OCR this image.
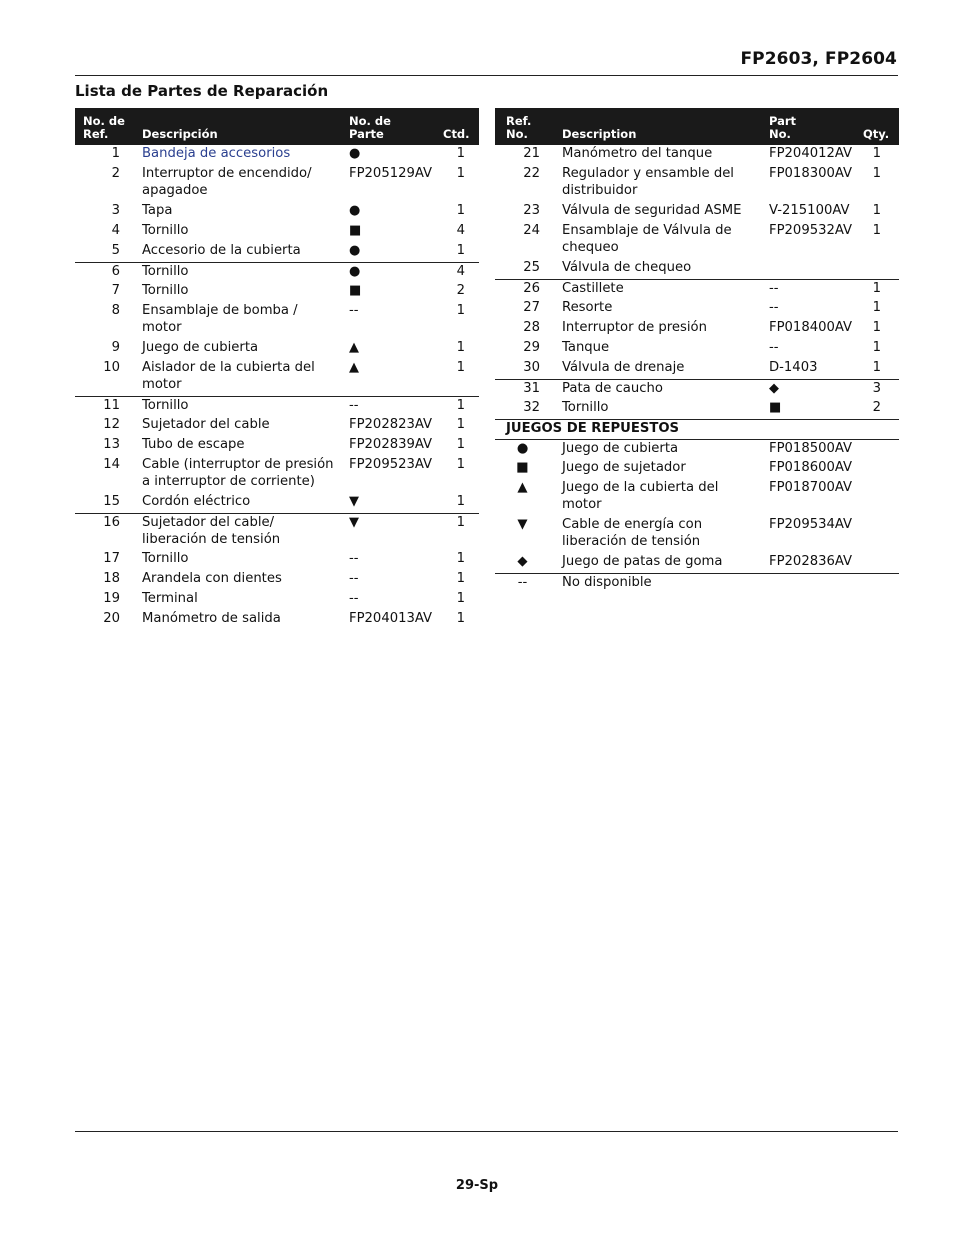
FP2603, FP2604
Lista de Partes de Reparación
No. de
Ref.	Descripción
No. de
Parte	Ctd.
1 Bandeja de accesorios	●	1
2 Interruptor de encendido/
apagadoe
FP205129AV	1
3 Tapa	●	1
4 Tornillo	■	4
5 Accesorio de la cubierta	●	1
6 Tornillo	●	4
7 Tornillo	■	2
8 Ensamblaje de bomba /
motor
--	1
9 Juego de cubierta	▲	1
10 Aislador de la cubierta del
motor
▲	1
11 Tornillo	--	1
12 Sujetador del cable	FP202823AV	1
13 Tubo de escape	FP202839AV	1
14 Cable (interruptor de presión
a interruptor de corriente)
FP209523AV	1
15 Cordón eléctrico	▼	1
16 Sujetador del cable/
liberación de tensión
▼	1
17 Tornillo	--	1
18 Arandela con dientes	--	1
19 Terminal	--	1
20 Manómetro de salida	FP204013AV	1
Ref.
No.	Description
Part
No.	Qty.
21 Manómetro del tanque	FP204012AV	1
22 Regulador y ensamble del
distribuidor
FP018300AV	1
23 Válvula de seguridad ASME	V-215100AV	1
24 Ensamblaje de Válvula de
chequeo
FP209532AV	1
25 Válvula de chequeo
26 Castillete	--	1
27 Resorte	--	1
28 Interruptor de presión	FP018400AV	1
29 Tanque	--	1
30 Válvula de drenaje	D-1403	1
31 Pata de caucho	◆	3
32 Tornillo	■	2
JUEGOS DE REPUESTOS
●	Juego de cubierta	FP018500AV
■	Juego de sujetador	FP018600AV
▲	Juego de la cubierta del
motor
FP018700AV
▼	Cable de energía con
liberación de tensión
FP209534AV
◆	Juego de patas de goma	FP202836AV
--	No disponible
29-Sp
